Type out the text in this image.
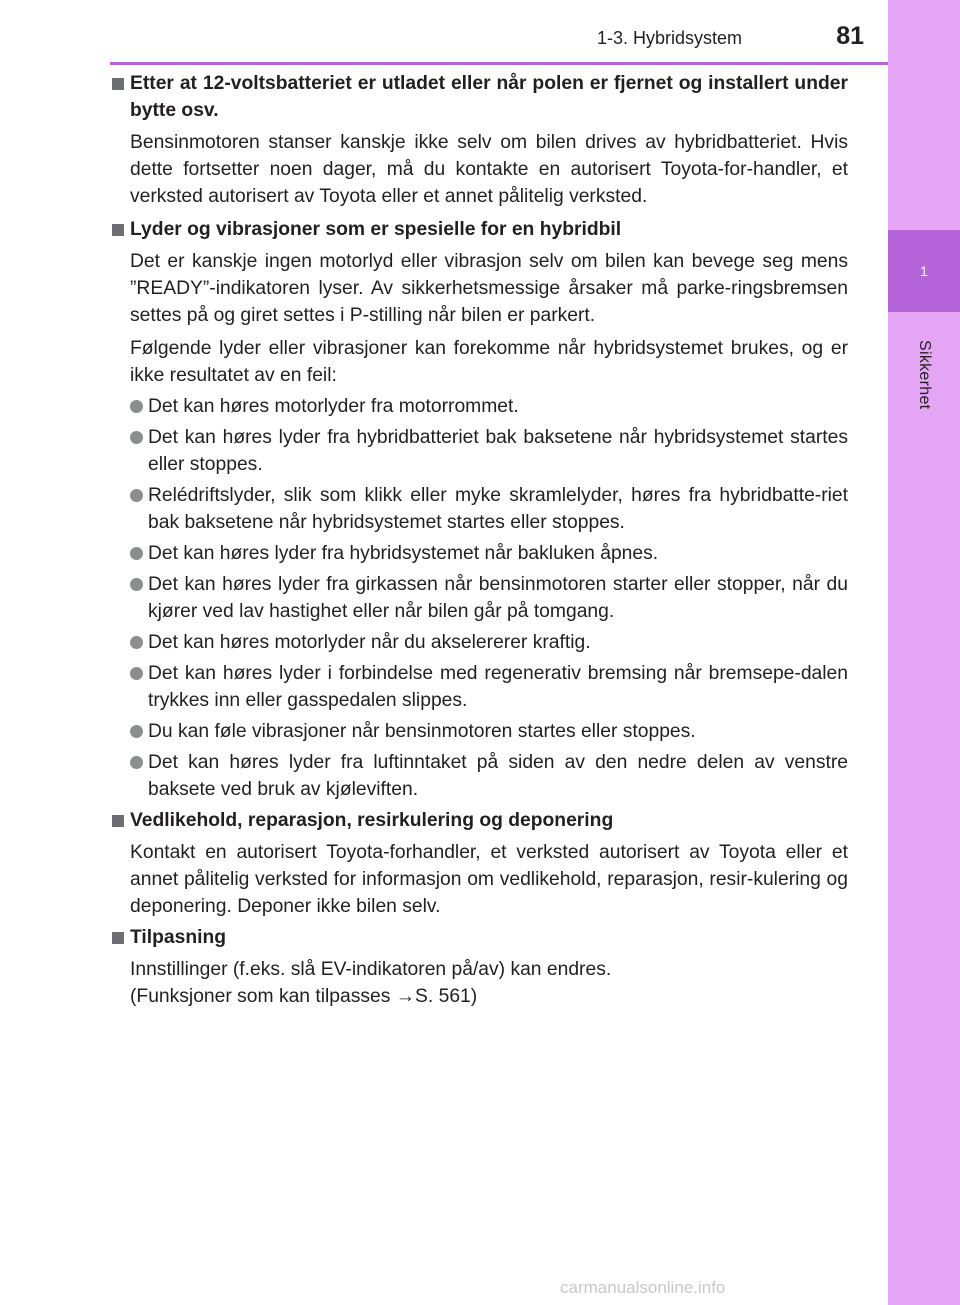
1
Sikkerhet
1-3. Hybridsystem	81
Etter at 12-voltsbatteriet er utladet eller når polen er fjernet og installert under bytte osv.
Bensinmotoren stanser kanskje ikke selv om bilen drives av hybridbatteriet. Hvis dette fortsetter noen dager, må du kontakte en autorisert Toyota-for-handler, et verksted autorisert av Toyota eller et annet pålitelig verksted.
Lyder og vibrasjoner som er spesielle for en hybridbil
Det er kanskje ingen motorlyd eller vibrasjon selv om bilen kan bevege seg mens ”READY”-indikatoren lyser. Av sikkerhetsmessige årsaker må parke-ringsbremsen settes på og giret settes i P-stilling når bilen er parkert.
Følgende lyder eller vibrasjoner kan forekomme når hybridsystemet brukes, og er ikke resultatet av en feil:
Det kan høres motorlyder fra motorrommet.
Det kan høres lyder fra hybridbatteriet bak baksetene når hybridsystemet startes eller stoppes.
Relédriftslyder, slik som klikk eller myke skramlelyder, høres fra hybridbatte-riet bak baksetene når hybridsystemet startes eller stoppes.
Det kan høres lyder fra hybridsystemet når bakluken åpnes.
Det kan høres lyder fra girkassen når bensinmotoren starter eller stopper, når du kjører ved lav hastighet eller når bilen går på tomgang.
Det kan høres motorlyder når du akselererer kraftig.
Det kan høres lyder i forbindelse med regenerativ bremsing når bremsepe-dalen trykkes inn eller gasspedalen slippes.
Du kan føle vibrasjoner når bensinmotoren startes eller stoppes.
Det kan høres lyder fra luftinntaket på siden av den nedre delen av venstre baksete ved bruk av kjøleviften.
Vedlikehold, reparasjon, resirkulering og deponering
Kontakt en autorisert Toyota-forhandler, et verksted autorisert av Toyota eller et annet pålitelig verksted for informasjon om vedlikehold, reparasjon, resir-kulering og deponering. Deponer ikke bilen selv.
Tilpasning
Innstillinger (f.eks. slå EV-indikatoren på/av) kan endres.
(Funksjoner som kan tilpasses →S. 561)
carmanualsonline.info
